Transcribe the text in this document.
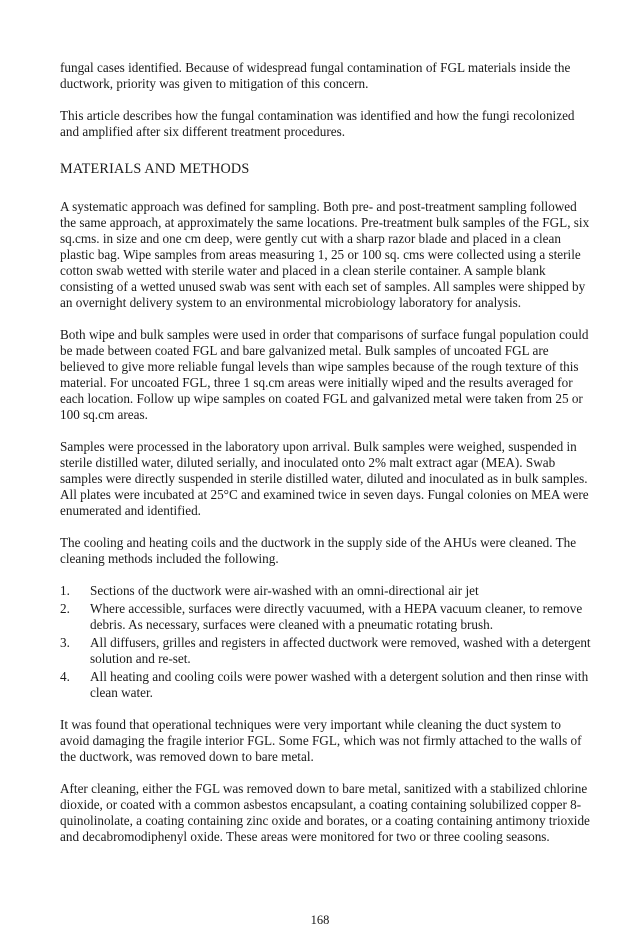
fungal cases identified. Because of widespread fungal contamination of FGL materials inside the ductwork, priority was given to mitigation of this concern.

This article describes how the fungal contamination was identified and how the fungi recolonized and amplified after six different treatment procedures.

MATERIALS AND METHODS

A systematic approach was defined for sampling. Both pre- and post-treatment sampling followed the same approach, at approximately the same locations. Pre-treatment bulk samples of the FGL, six sq.cms. in size and one cm deep, were gently cut with a sharp razor blade and placed in a clean plastic bag. Wipe samples from areas measuring 1, 25 or 100 sq. cms were collected using a sterile cotton swab wetted with sterile water and placed in a clean sterile container. A sample blank consisting of a wetted unused swab was sent with each set of samples. All samples were shipped by an overnight delivery system to an environmental microbiology laboratory for analysis.

Both wipe and bulk samples were used in order that comparisons of surface fungal population could be made between coated FGL and bare galvanized metal. Bulk samples of uncoated FGL are believed to give more reliable fungal levels than wipe samples because of the rough texture of this material. For uncoated FGL, three 1 sq.cm areas were initially wiped and the results averaged for each location. Follow up wipe samples on coated FGL and galvanized metal were taken from 25 or 100 sq.cm areas.

Samples were processed in the laboratory upon arrival. Bulk samples were weighed, suspended in sterile distilled water, diluted serially, and inoculated onto 2% malt extract agar (MEA). Swab samples were directly suspended in sterile distilled water, diluted and inoculated as in bulk samples. All plates were incubated at 25°C and examined twice in seven days. Fungal colonies on MEA were enumerated and identified.

The cooling and heating coils and the ductwork in the supply side of the AHUs were cleaned. The cleaning methods included the following.

1.	Sections of the ductwork were air-washed with an omni-directional air jet
2.	Where accessible, surfaces were directly vacuumed, with a HEPA vacuum cleaner, to remove debris. As necessary, surfaces were cleaned with a pneumatic rotating brush.
3.	All diffusers, grilles and registers in affected ductwork were removed, washed with a detergent solution and re-set.
4.	All heating and cooling coils were power washed with a detergent solution and then rinse with clean water.

It was found that operational techniques were very important while cleaning the duct system to avoid damaging the fragile interior FGL. Some FGL, which was not firmly attached to the walls of the ductwork, was removed down to bare metal.

After cleaning, either the FGL was removed down to bare metal, sanitized with a stabilized chlorine dioxide, or coated with a common asbestos encapsulant, a coating containing solubilized copper 8-quinolinolate, a coating containing zinc oxide and borates, or a coating containing antimony trioxide and decabromodiphenyl oxide. These areas were monitored for two or three cooling seasons.

168
